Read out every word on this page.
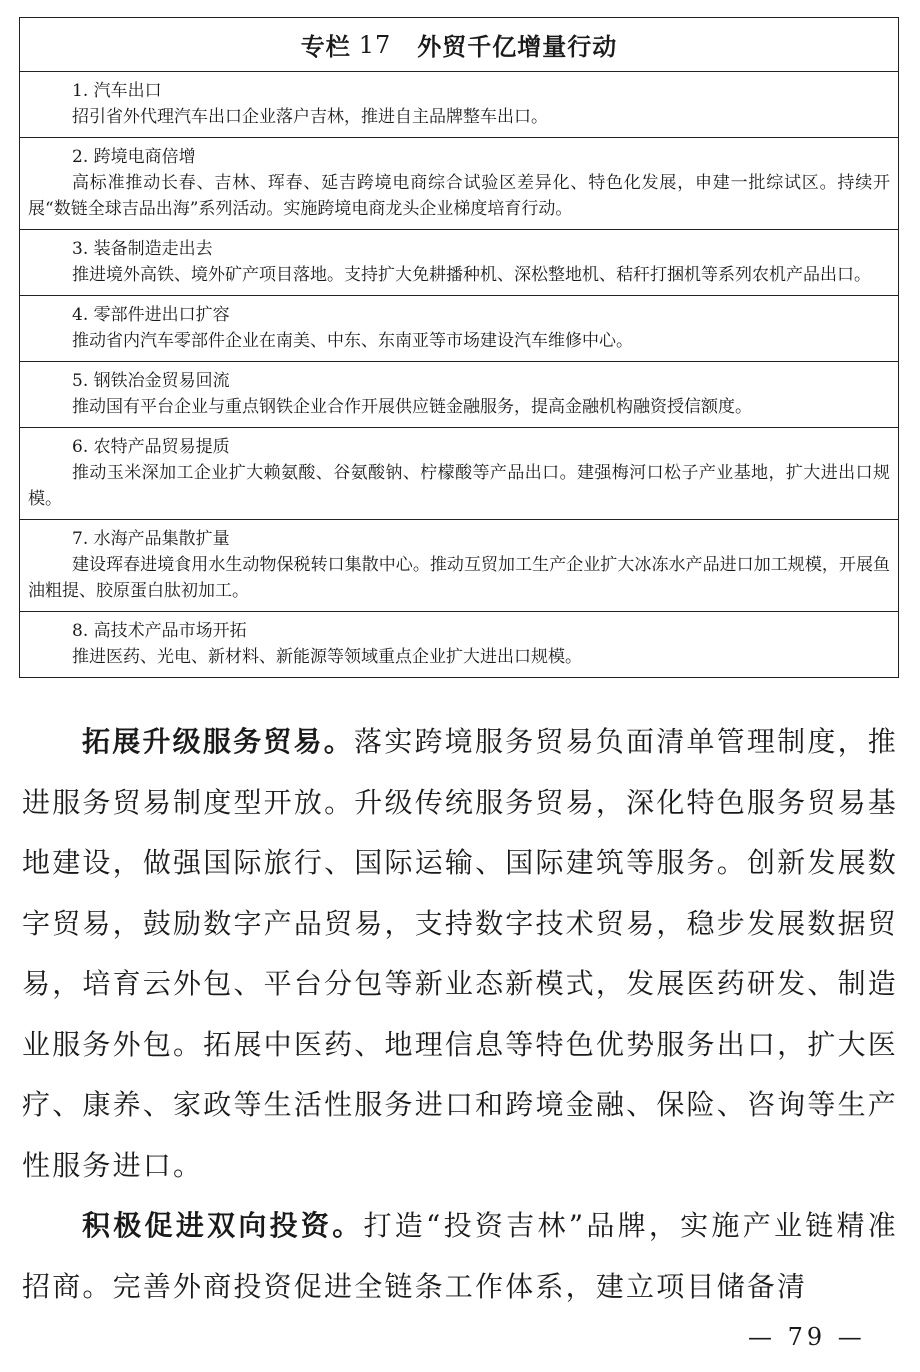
专栏 17 外贸千亿增量行动
1. 汽车出口
招引省外代理汽车出口企业落户吉林，推进自主品牌整车出口。
2. 跨境电商倍增
高标准推动长春、吉林、珲春、延吉跨境电商综合试验区差异化、特色化发展，申建一批综试区。持续开展“数链全球吉品出海”系列活动。实施跨境电商龙头企业梯度培育行动。
3. 装备制造走出去
推进境外高铁、境外矿产项目落地。支持扩大免耕播种机、深松整地机、秸秆打捆机等系列农机产品出口。
4. 零部件进出口扩容
推动省内汽车零部件企业在南美、中东、东南亚等市场建设汽车维修中心。
5. 钢铁冶金贸易回流
推动国有平台企业与重点钢铁企业合作开展供应链金融服务，提高金融机构融资授信额度。
6. 农特产品贸易提质
推动玉米深加工企业扩大赖氨酸、谷氨酸钠、柠檬酸等产品出口。建强梅河口松子产业基地，扩大进出口规模。
7. 水海产品集散扩量
建设珲春进境食用水生动物保税转口集散中心。推动互贸加工生产企业扩大冰冻水产品进口加工规模，开展鱼油粗提、胶原蛋白肽初加工。
8. 高技术产品市场开拓
推进医药、光电、新材料、新能源等领域重点企业扩大进出口规模。

拓展升级服务贸易。落实跨境服务贸易负面清单管理制度，推进服务贸易制度型开放。升级传统服务贸易，深化特色服务贸易基地建设，做强国际旅行、国际运输、国际建筑等服务。创新发展数字贸易，鼓励数字产品贸易，支持数字技术贸易，稳步发展数据贸易，培育云外包、平台分包等新业态新模式，发展医药研发、制造业服务外包。拓展中医药、地理信息等特色优势服务出口，扩大医疗、康养、家政等生活性服务进口和跨境金融、保险、咨询等生产性服务进口。

积极促进双向投资。打造“投资吉林”品牌，实施产业链精准招商。完善外商投资促进全链条工作体系，建立项目储备清

— 79 —
